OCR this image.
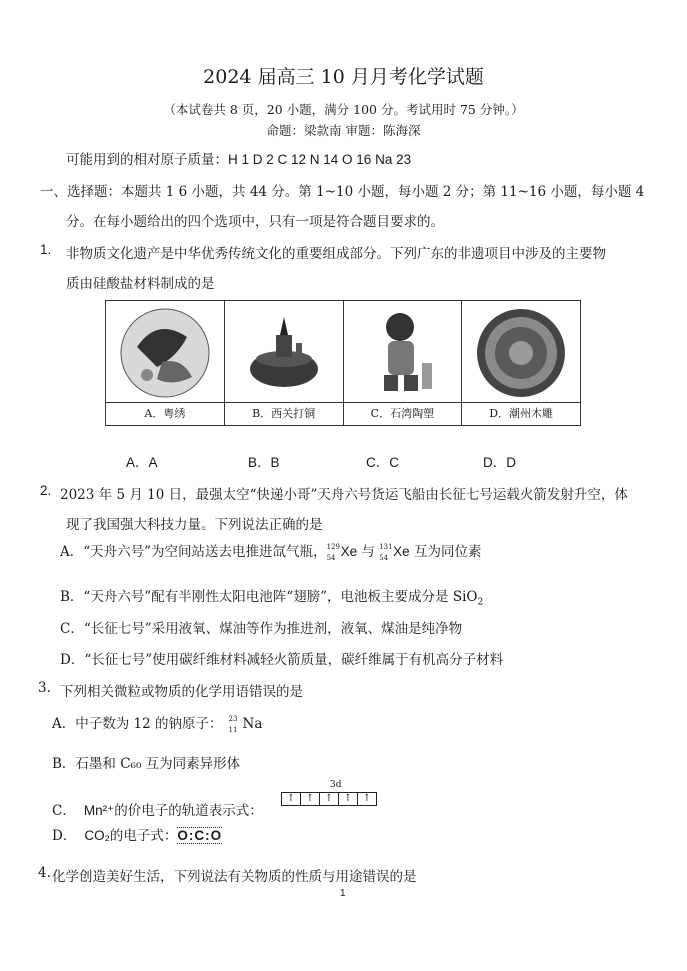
2024 届高三 10 月月考化学试题
（本试卷共 8 页，20 小题，满分 100 分。考试用时 75 分钟。）
命题：梁款南 审题：陈海深
可能用到的相对原子质量：H 1 D 2 C 12 N 14 O 16 Na 23
一、选择题：本题共 1 6 小题，共 44 分。第 1~10 小题，每小题 2 分；第 11~16 小题，每小题 4
分。在每小题给出的四个选项中，只有一项是符合题目要求的。
1. 非物质文化遗产是中华优秀传统文化的重要组成部分。下列广东的非遗项目中涉及的主要物
质由硅酸盐材料制成的是
A．粤绣	B．西关打铜	C．石湾陶塑	D．潮州木雕
A．A	B．B	C．C	D．D
2. 2023 年 5 月 10 日，最强太空“快递小哥”天舟六号货运飞船由长征七号运载火箭发射升空，体
现了我国强大科技力量。下列说法正确的是
A．“天舟六号”为空间站送去电推进氙气瓶， 129
54 Xe 与 131
54 Xe 互为同位素
B．“天舟六号”配有半刚性太阳电池阵“翅膀”，电池板主要成分是 SiO$_2$
C．“长征七号”采用液氧、煤油等作为推进剂，液氧、煤油是纯净物
D．“长征七号”使用碳纤维材料减轻火箭质量，碳纤维属于有机高分子材料
3. 下列相关微粒或物质的化学用语错误的是
A．中子数为 12 的钠原子： 23
11 Na
B．石墨和 C₆₀ 互为同素异形体
3d
↑	↑	↑	↑	↑
C． Mn²⁺的价电子的轨道表示式：
D． CO₂的电子式：O:C:O
4. 化学创造美好生活，下列说法有关物质的性质与用途错误的是
1
